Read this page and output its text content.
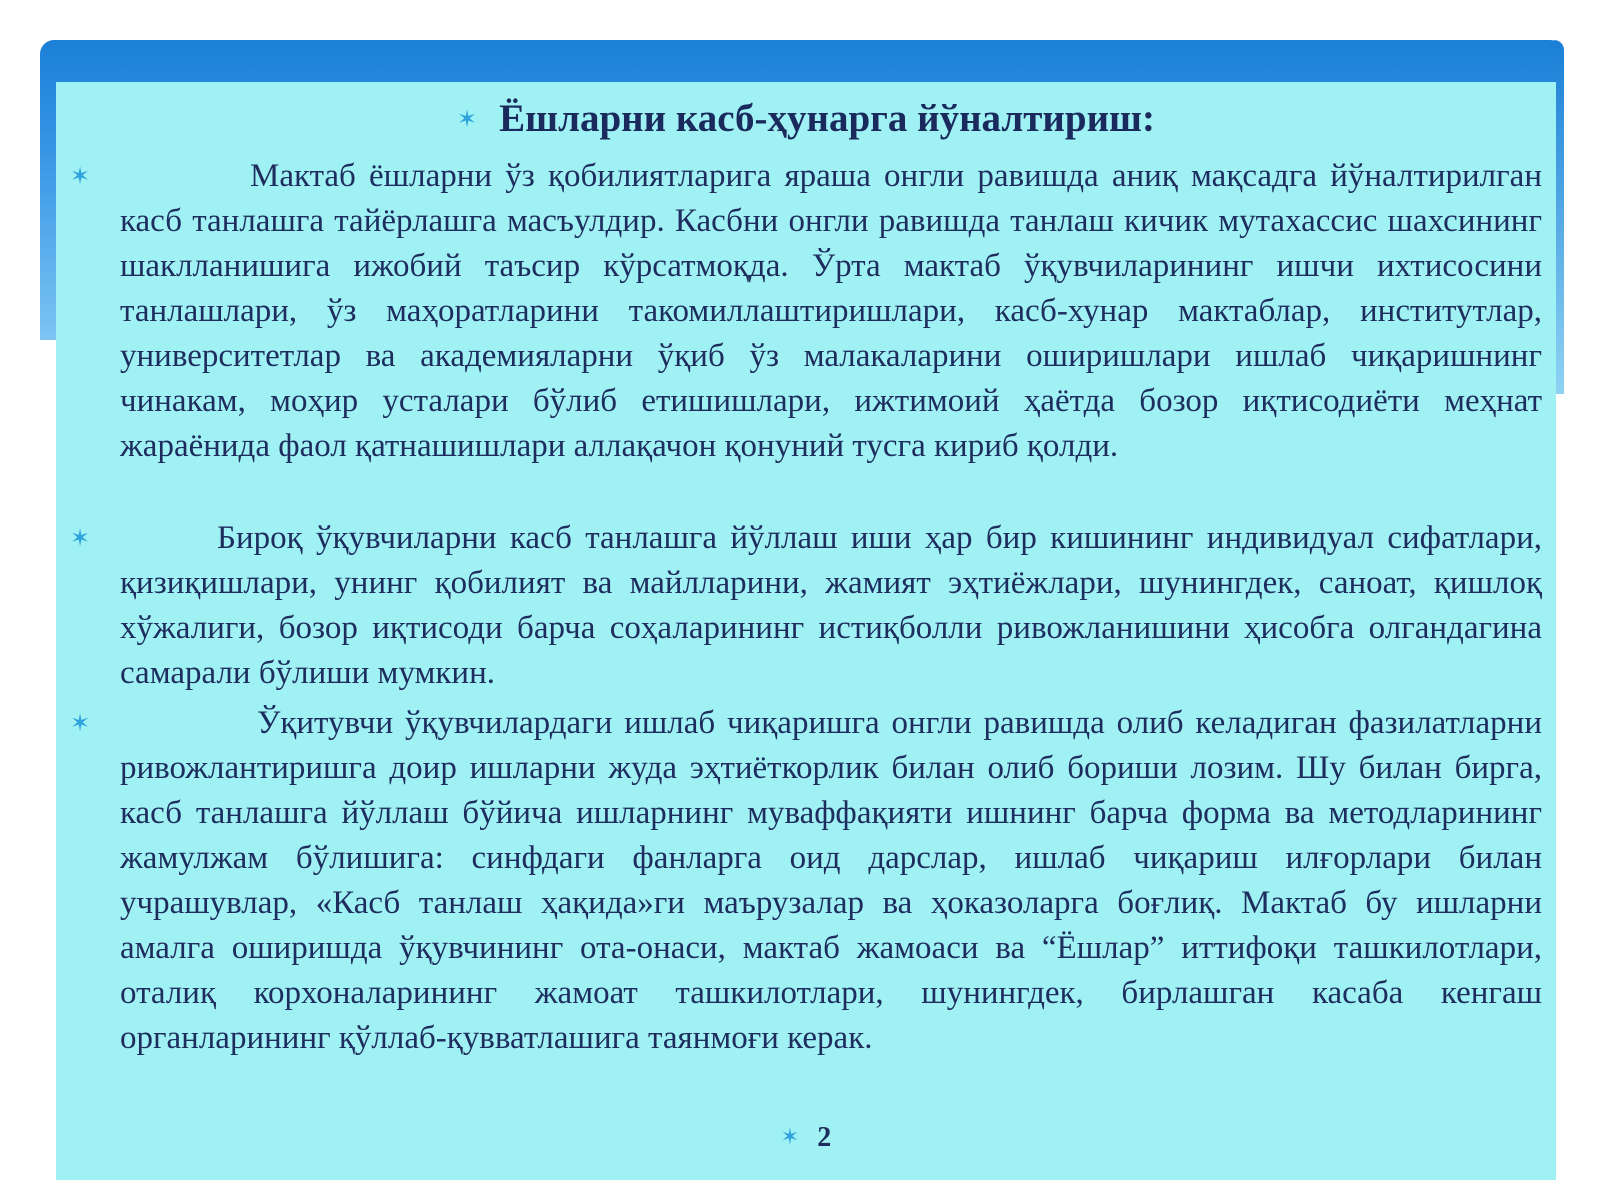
✶ Ёшларни касб-ҳунарга йўналтириш:
✶	Мактаб ёшларни ўз қобилиятларига яраша онгли равишда аниқ мақсадга йўналтирилган касб танлашга тайёрлашга масъулдир. Касбни онгли равишда танлаш кичик мутахассис шахсининг шаклланишига ижобий таъсир кўрсатмоқда. Ўрта мактаб ўқувчиларининг ишчи ихтисосини танлашлари, ўз маҳоратларини такомиллаштиришлари, касб-хунар мактаблар, институтлар, университетлар ва академияларни ўқиб ўз малакаларини оширишлари ишлаб чиқаришнинг чинакам, моҳир усталари бўлиб етишишлари, ижтимоий ҳаётда бозор иқтисодиёти меҳнат жараёнида фаол қатнашишлари аллақачон қонуний тусга кириб қолди.

✶	Бироқ ўқувчиларни касб танлашга йўллаш иши ҳар бир кишининг индивидуал сифатлари, қизиқишлари, унинг қобилият ва майлларини, жамият эҳтиёжлари, шунингдек, саноат, қишлоқ хўжалиги, бозор иқтисоди барча соҳаларининг истиқболли ривожланишини ҳисобга олгандагина самарали бўлиши мумкин.

✶	Ўқитувчи ўқувчилардаги ишлаб чиқаришга онгли равишда олиб келадиган фазилатларни ривожлантиришга доир ишларни жуда эҳтиёткорлик билан олиб бориши лозим. Шу билан бирга, касб танлашга йўллаш бўйича ишларнинг муваффақияти ишнинг барча форма ва методларининг жамулжам бўлишига: синфдаги фанларга оид дарслар, ишлаб чиқариш илғорлари билан учрашувлар, «Касб танлаш ҳақида»ги маърузалар ва ҳоказоларга боғлиқ. Мактаб бу ишларни амалга оширишда ўқувчининг ота-онаси, мактаб жамоаси ва “Ёшлар” иттифоқи ташкилотлари, оталиқ корхоналарининг жамоат ташкилотлари, шунингдек, бирлашган касаба кенгаш органларининг қўллаб-қувватлашига таянмоғи керак.

✶ 2
